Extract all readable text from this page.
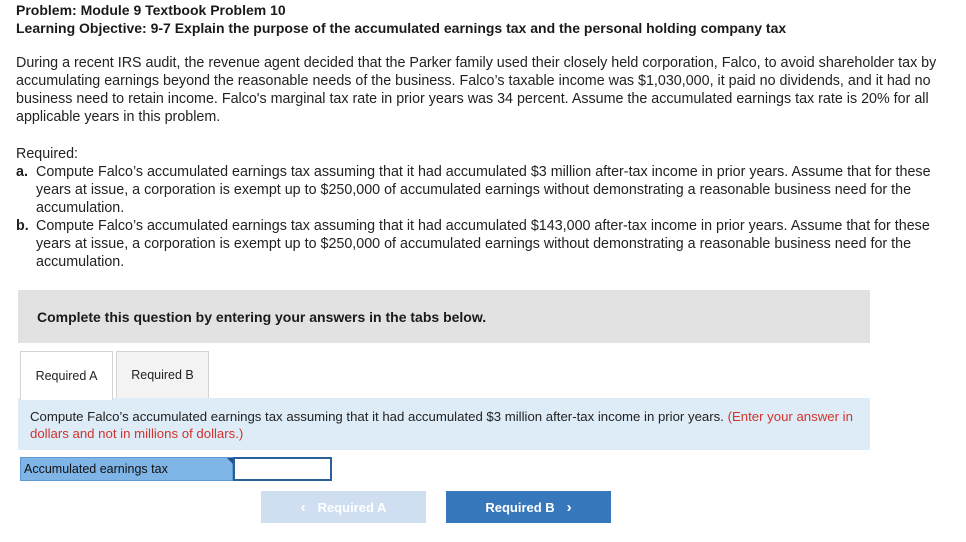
Problem: Module 9 Textbook Problem 10
Learning Objective: 9-7 Explain the purpose of the accumulated earnings tax and the personal holding company tax
During a recent IRS audit, the revenue agent decided that the Parker family used their closely held corporation, Falco, to avoid shareholder tax by accumulating earnings beyond the reasonable needs of the business. Falco’s taxable income was $1,030,000, it paid no dividends, and it had no business need to retain income. Falco's marginal tax rate in prior years was 34 percent. Assume the accumulated earnings tax rate is 20% for all applicable years in this problem.
Required:
a. Compute Falco’s accumulated earnings tax assuming that it had accumulated $3 million after-tax income in prior years. Assume that for these years at issue, a corporation is exempt up to $250,000 of accumulated earnings without demonstrating a reasonable business need for the accumulation.
b. Compute Falco’s accumulated earnings tax assuming that it had accumulated $143,000 after-tax income in prior years. Assume that for these years at issue, a corporation is exempt up to $250,000 of accumulated earnings without demonstrating a reasonable business need for the accumulation.
Complete this question by entering your answers in the tabs below.
Required A	Required B
Compute Falco’s accumulated earnings tax assuming that it had accumulated $3 million after-tax income in prior years. (Enter your answer in dollars and not in millions of dollars.)
Accumulated earnings tax
‹ Required A	Required B ›
